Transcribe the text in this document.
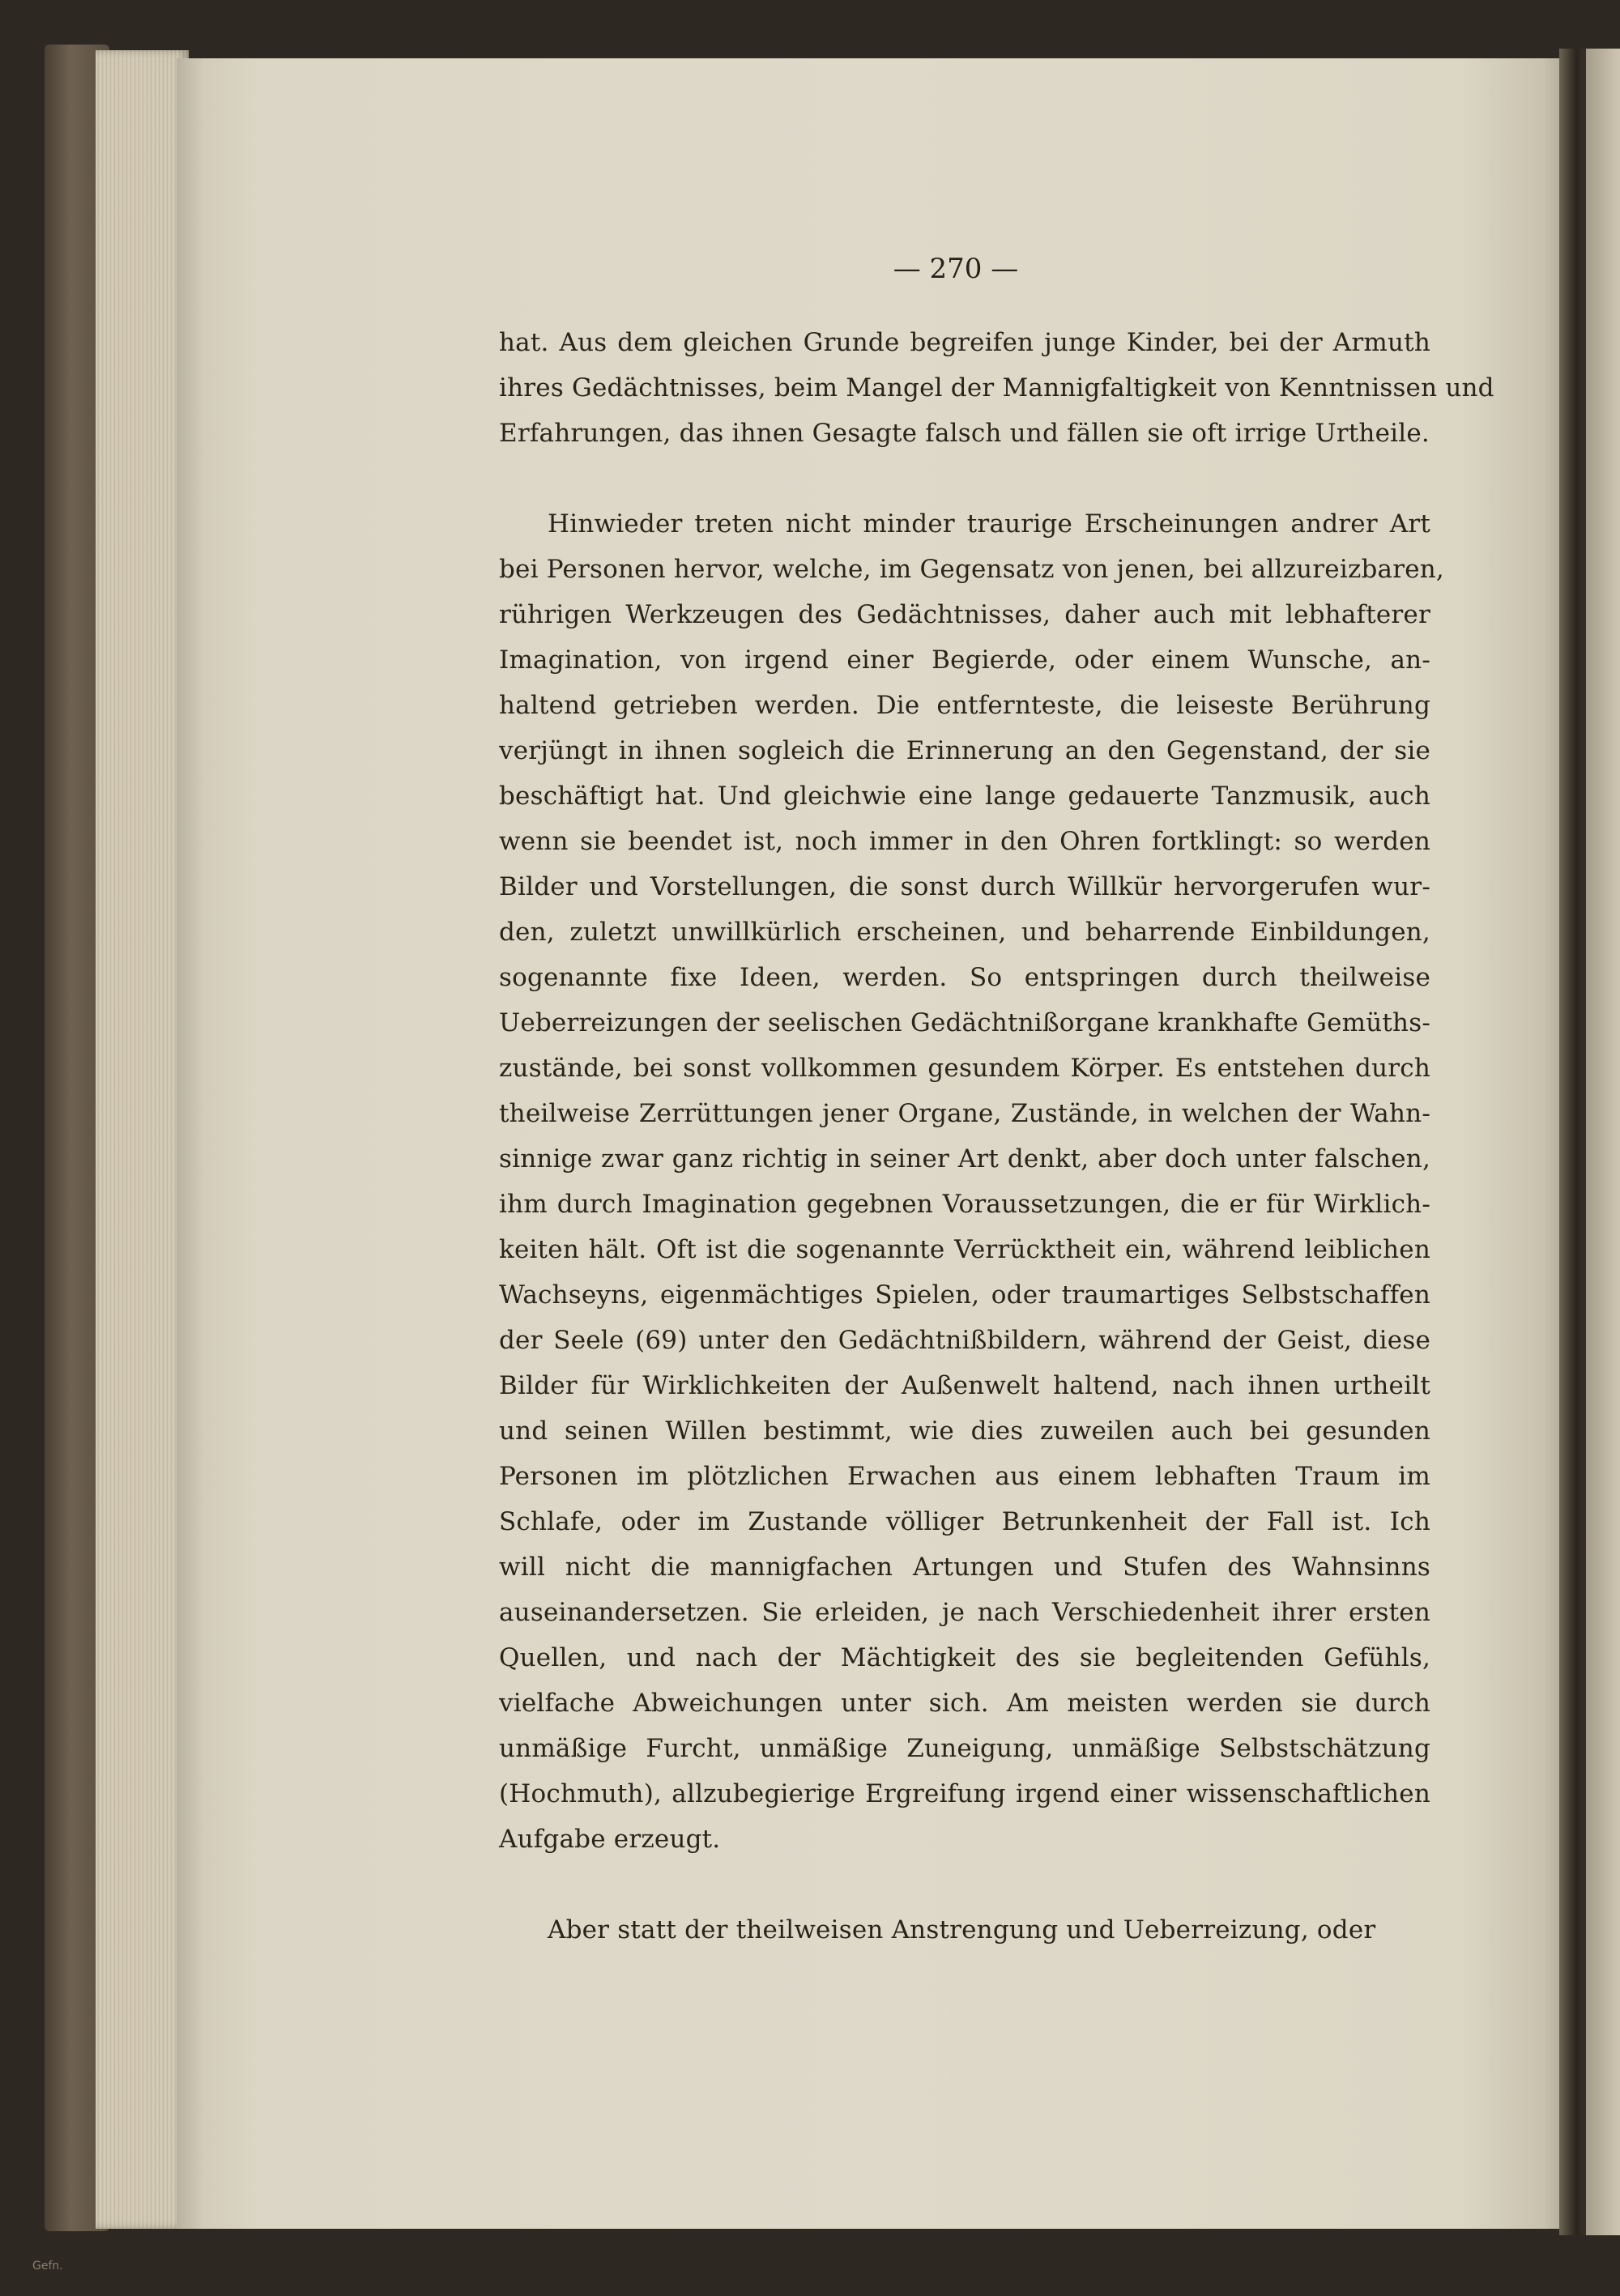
— 270 —
hat. Aus dem gleichen Grunde begreifen junge Kinder, bei der Armuth
ihres Gedächtnisses, beim Mangel der Mannigfaltigkeit von Kenntnissen und
Erfahrungen, das ihnen Gesagte falsch und fällen sie oft irrige Urtheile.
Hinwieder treten nicht minder traurige Erscheinungen andrer Art
bei Personen hervor, welche, im Gegensatz von jenen, bei allzureizbaren,
rührigen Werkzeugen des Gedächtnisses, daher auch mit lebhafterer
Imagination, von irgend einer Begierde, oder einem Wunsche, an-
haltend getrieben werden. Die entfernteste, die leiseste Berührung
verjüngt in ihnen sogleich die Erinnerung an den Gegenstand, der sie
beschäftigt hat. Und gleichwie eine lange gedauerte Tanzmusik, auch
wenn sie beendet ist, noch immer in den Ohren fortklingt: so werden
Bilder und Vorstellungen, die sonst durch Willkür hervorgerufen wur-
den, zuletzt unwillkürlich erscheinen, und beharrende Einbildungen,
sogenannte fixe Ideen, werden. So entspringen durch theilweise
Ueberreizungen der seelischen Gedächtnißorgane krankhafte Gemüths-
zustände, bei sonst vollkommen gesundem Körper. Es entstehen durch
theilweise Zerrüttungen jener Organe, Zustände, in welchen der Wahn-
sinnige zwar ganz richtig in seiner Art denkt, aber doch unter falschen,
ihm durch Imagination gegebnen Voraussetzungen, die er für Wirklich-
keiten hält. Oft ist die sogenannte Verrücktheit ein, während leiblichen
Wachseyns, eigenmächtiges Spielen, oder traumartiges Selbstschaffen
der Seele (69) unter den Gedächtnißbildern, während der Geist, diese
Bilder für Wirklichkeiten der Außenwelt haltend, nach ihnen urtheilt
und seinen Willen bestimmt, wie dies zuweilen auch bei gesunden
Personen im plötzlichen Erwachen aus einem lebhaften Traum im
Schlafe, oder im Zustande völliger Betrunkenheit der Fall ist. Ich
will nicht die mannigfachen Artungen und Stufen des Wahnsinns
auseinandersetzen. Sie erleiden, je nach Verschiedenheit ihrer ersten
Quellen, und nach der Mächtigkeit des sie begleitenden Gefühls,
vielfache Abweichungen unter sich. Am meisten werden sie durch
unmäßige Furcht, unmäßige Zuneigung, unmäßige Selbstschätzung
(Hochmuth), allzubegierige Ergreifung irgend einer wissenschaftlichen
Aufgabe erzeugt.
Aber statt der theilweisen Anstrengung und Ueberreizung, oder
Gefn.
